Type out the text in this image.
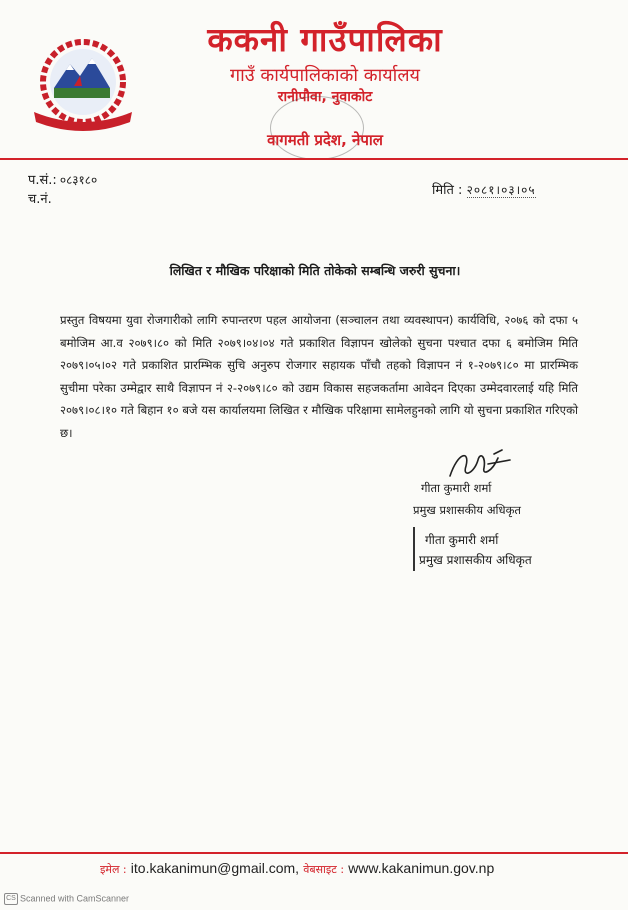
ककनी गाउँपालिका
गाउँ कार्यपालिकाको कार्यालय
रानीपौवा, नुवाकोट
वागमती प्रदेश, नेपाल
प.सं.: ०८३१८०
च.नं.
मिति : २०८१।०३।०५
लिखित र मौखिक परिक्षाको मिति तोकेको सम्बन्धि जरुरी सुचना।
प्रस्तुत विषयमा युवा रोजगारीको लागि रुपान्तरण पहल आयोजना (सञ्चालन तथा व्यवस्थापन) कार्यविधि, २०७६ को दफा ५ बमोजिम आ.व २०७९।८० को मिति २०७९।०४।०४ गते प्रकाशित विज्ञापन खोलेको सुचना पश्चात दफा ६ बमोजिम मिति २०७९।०५।०२ गते प्रकाशित प्रारम्भिक सुचि अनुरुप रोजगार सहायक पाँचौ तहको विज्ञापन नं १-२०७९।८० मा प्रारम्भिक सुचीमा परेका उम्मेद्वार साथै विज्ञापन नं २-२०७९।८० को उद्यम विकास सहजकर्तामा आवेदन दिएका उम्मेदवारलाई यहि मिति २०७९।०८।१० गते बिहान १० बजे यस कार्यालयमा लिखित र मौखिक परिक्षामा सामेलहुनको लागि यो सुचना प्रकाशित गरिएको छ।
गीता कुमारी शर्मा
प्रमुख प्रशासकीय अधिकृत
गीता कुमारी शर्मा
प्रमुख प्रशासकीय अधिकृत
इमेल : ito.kakanimun@gmail.com, वेबसाइट : www.kakanimun.gov.np
CS Scanned with CamScanner
